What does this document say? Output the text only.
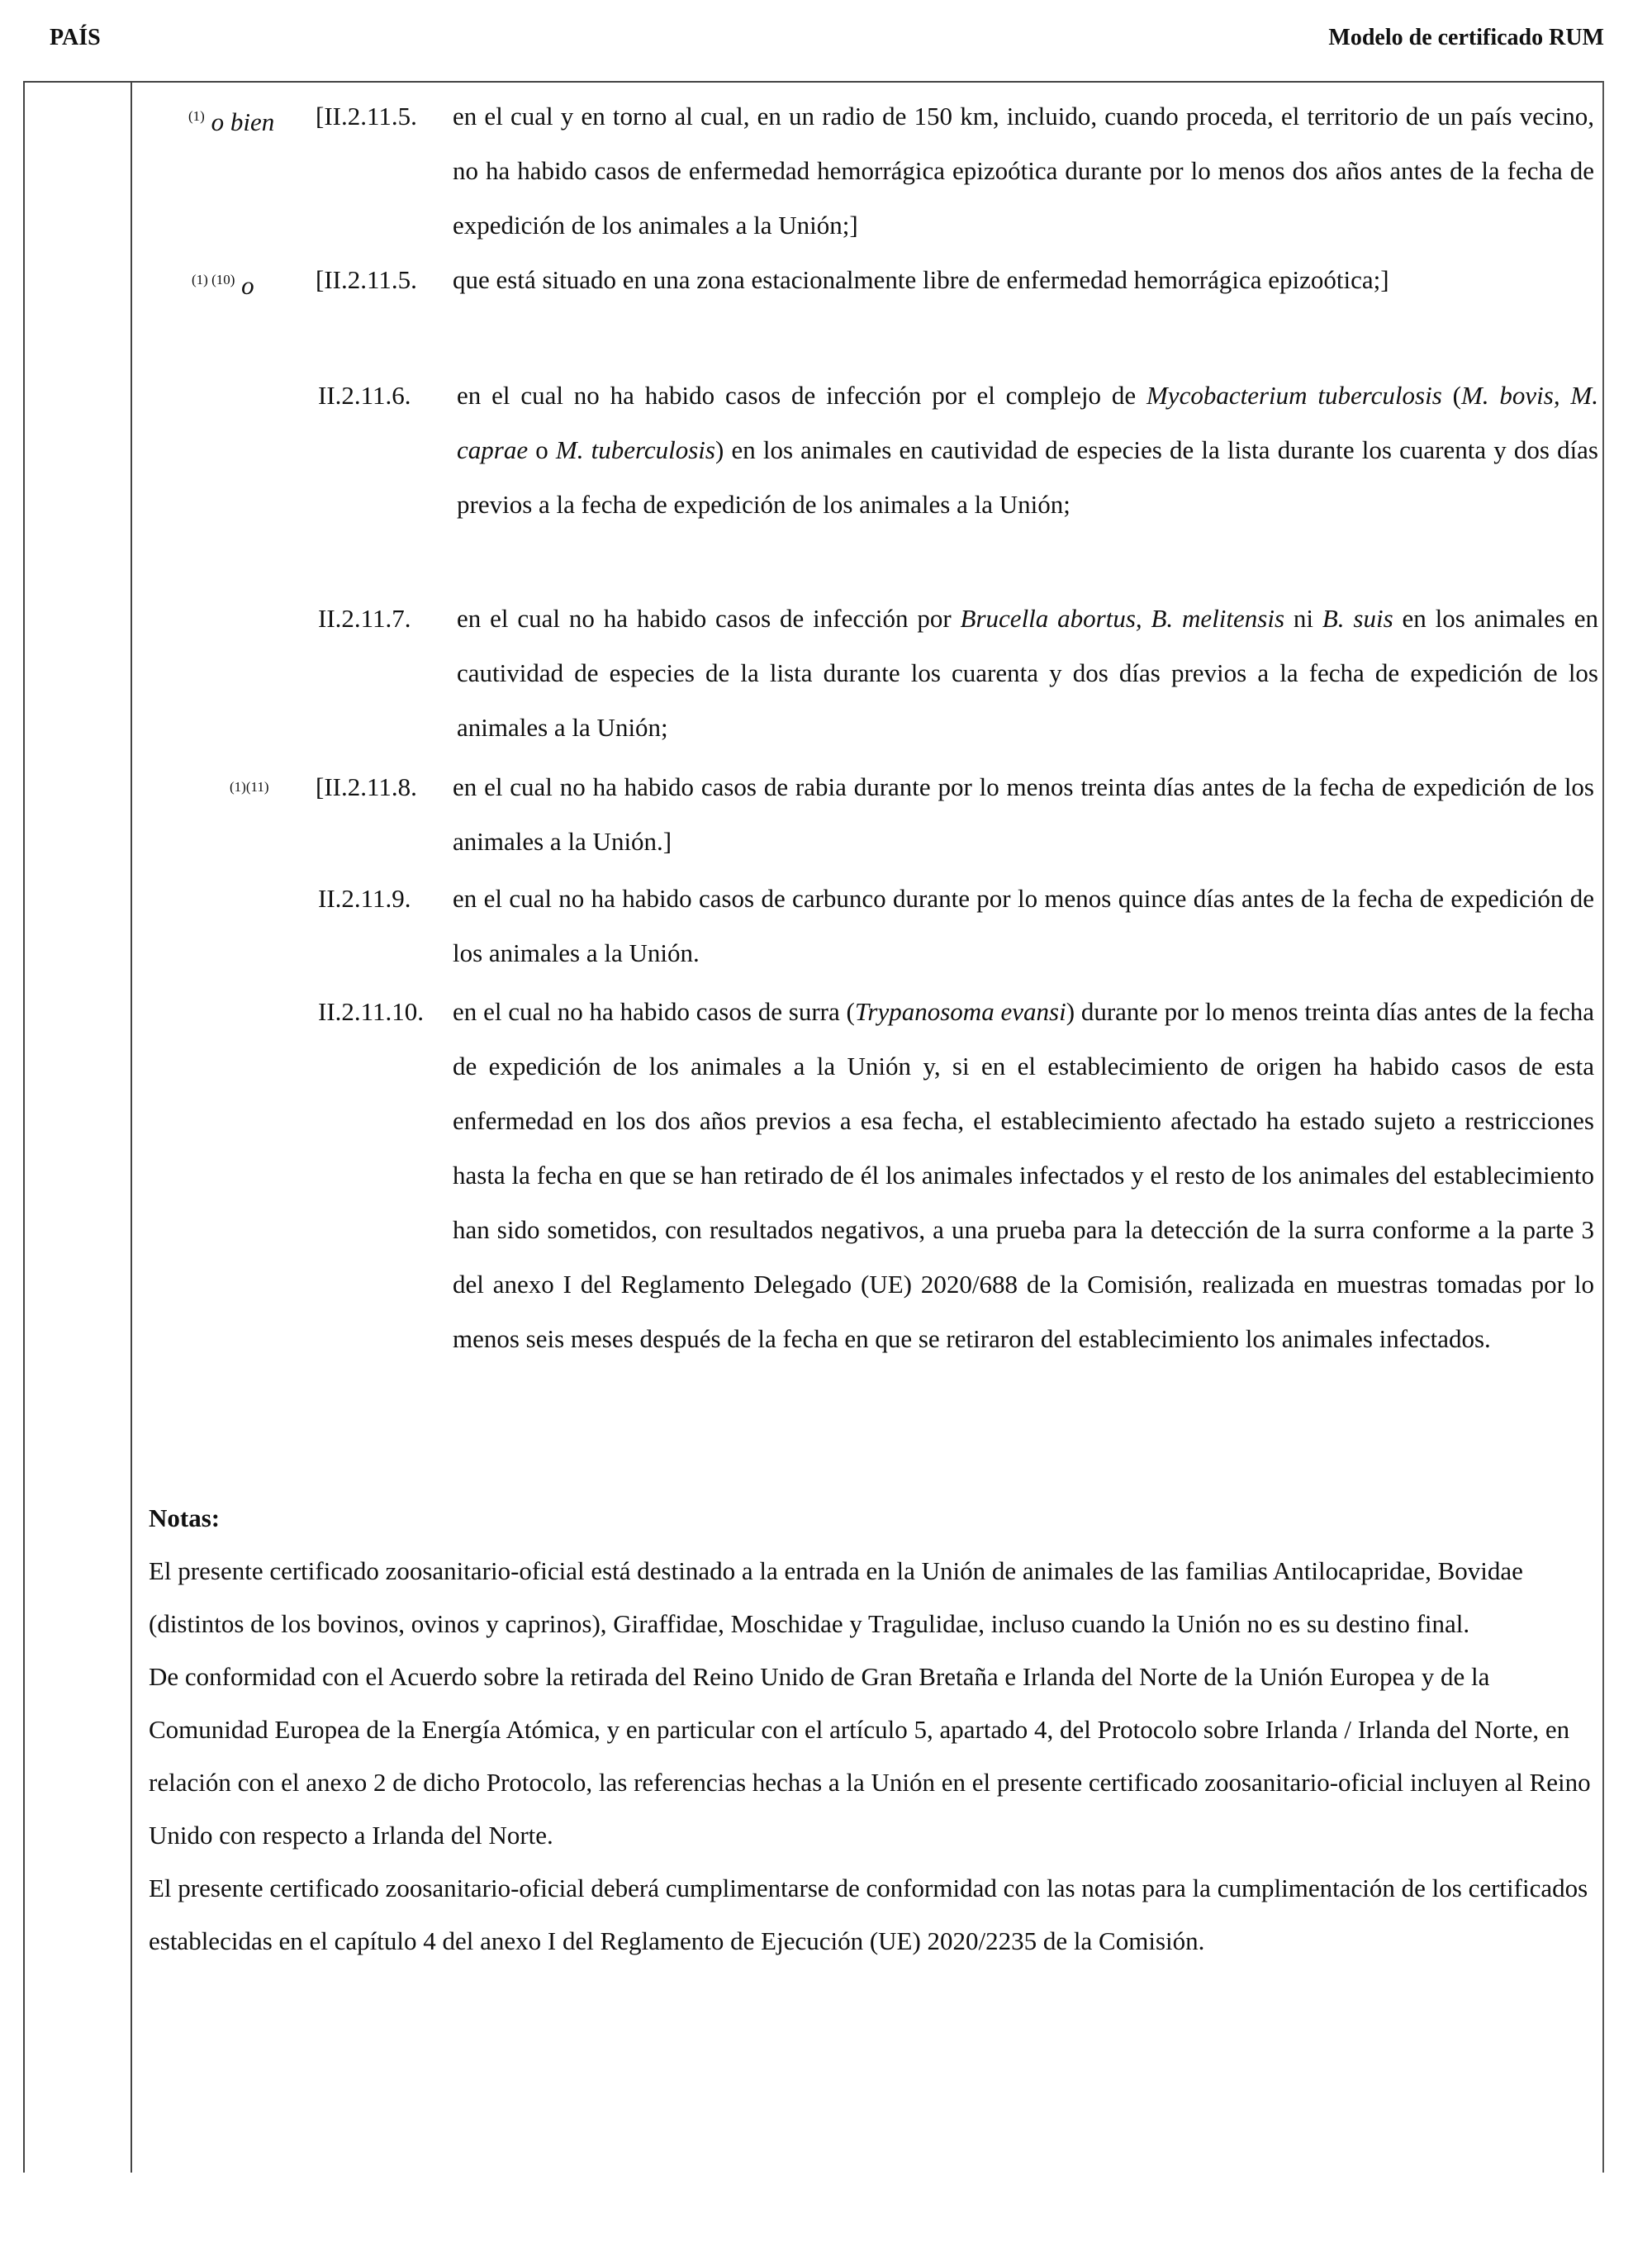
PAÍS	Modelo de certificado RUM
$^{(1)}$ o bien [II.2.11.5. en el cual y en torno al cual, en un radio de 150 km, incluido, cuando proceda, el territorio de un país vecino, no ha habido casos de enfermedad hemorrágica epizoótica durante por lo menos dos años antes de la fecha de expedición de los animales a la Unión;]
$^{(1) (10)}$ o [II.2.11.5. que está situado en una zona estacionalmente libre de enfermedad hemorrágica epizoótica;]
II.2.11.6. en el cual no ha habido casos de infección por el complejo de Mycobacterium tuberculosis (M. bovis, M. caprae o M. tuberculosis) en los animales en cautividad de especies de la lista durante los cuarenta y dos días previos a la fecha de expedición de los animales a la Unión;
II.2.11.7. en el cual no ha habido casos de infección por Brucella abortus, B. melitensis ni B. suis en los animales en cautividad de especies de la lista durante los cuarenta y dos días previos a la fecha de expedición de los animales a la Unión;
$^{(1)(11)}$ [II.2.11.8. en el cual no ha habido casos de rabia durante por lo menos treinta días antes de la fecha de expedición de los animales a la Unión.]
II.2.11.9. en el cual no ha habido casos de carbunco durante por lo menos quince días antes de la fecha de expedición de los animales a la Unión.
II.2.11.10. en el cual no ha habido casos de surra (Trypanosoma evansi) durante por lo menos treinta días antes de la fecha de expedición de los animales a la Unión y, si en el establecimiento de origen ha habido casos de esta enfermedad en los dos años previos a esa fecha, el establecimiento afectado ha estado sujeto a restricciones hasta la fecha en que se han retirado de él los animales infectados y el resto de los animales del establecimiento han sido sometidos, con resultados negativos, a una prueba para la detección de la surra conforme a la parte 3 del anexo I del Reglamento Delegado (UE) 2020/688 de la Comisión, realizada en muestras tomadas por lo menos seis meses después de la fecha en que se retiraron del establecimiento los animales infectados.
Notas:

El presente certificado zoosanitario-oficial está destinado a la entrada en la Unión de animales de las familias Antilocapridae, Bovidae (distintos de los bovinos, ovinos y caprinos), Giraffidae, Moschidae y Tragulidae, incluso cuando la Unión no es su destino final.

De conformidad con el Acuerdo sobre la retirada del Reino Unido de Gran Bretaña e Irlanda del Norte de la Unión Europea y de la Comunidad Europea de la Energía Atómica, y en particular con el artículo 5, apartado 4, del Protocolo sobre Irlanda / Irlanda del Norte, en relación con el anexo 2 de dicho Protocolo, las referencias hechas a la Unión en el presente certificado zoosanitario-oficial incluyen al Reino Unido con respecto a Irlanda del Norte.

El presente certificado zoosanitario-oficial deberá cumplimentarse de conformidad con las notas para la cumplimentación de los certificados establecidas en el capítulo 4 del anexo I del Reglamento de Ejecución (UE) 2020/2235 de la Comisión.
